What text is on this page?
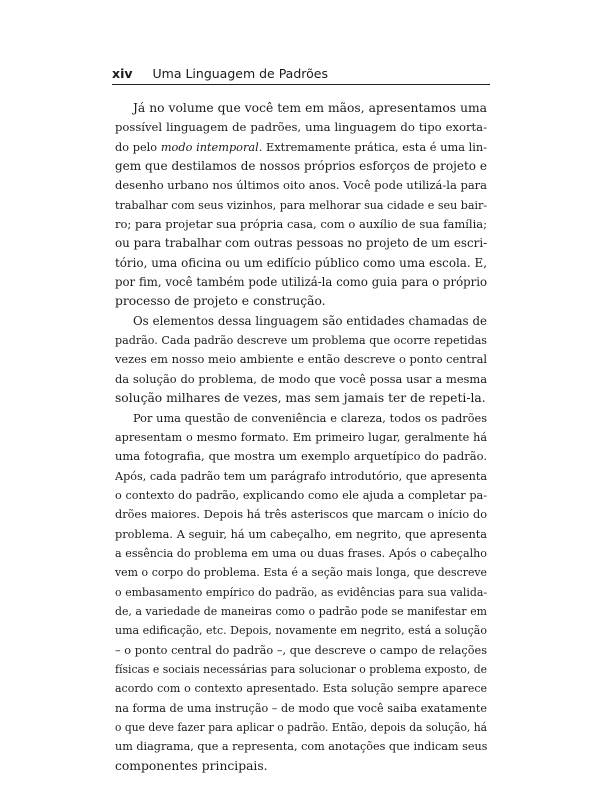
xiv Uma Linguagem de Padrões
Já no volume que você tem em mãos, apresentamos uma
possível linguagem de padrões, uma linguagem do tipo exorta-
do pelo modo intemporal. Extremamente prática, esta é uma lin-
gem que destilamos de nossos próprios esforços de projeto e
desenho urbano nos últimos oito anos. Você pode utilizá-la para
trabalhar com seus vizinhos, para melhorar sua cidade e seu bair-
ro; para projetar sua própria casa, com o auxílio de sua família;
ou para trabalhar com outras pessoas no projeto de um escri-
tório, uma oficina ou um edifício público como uma escola. E,
por fim, você também pode utilizá-la como guia para o próprio
processo de projeto e construção.
Os elementos dessa linguagem são entidades chamadas de
padrão. Cada padrão descreve um problema que ocorre repetidas
vezes em nosso meio ambiente e então descreve o ponto central
da solução do problema, de modo que você possa usar a mesma
solução milhares de vezes, mas sem jamais ter de repeti-la.
Por uma questão de conveniência e clareza, todos os padrões
apresentam o mesmo formato. Em primeiro lugar, geralmente há
uma fotografia, que mostra um exemplo arquetípico do padrão.
Após, cada padrão tem um parágrafo introdutório, que apresenta
o contexto do padrão, explicando como ele ajuda a completar pa-
drões maiores. Depois há três asteriscos que marcam o início do
problema. A seguir, há um cabeçalho, em negrito, que apresenta
a essência do problema em uma ou duas frases. Após o cabeçalho
vem o corpo do problema. Esta é a seção mais longa, que descreve
o embasamento empírico do padrão, as evidências para sua valida-
de, a variedade de maneiras como o padrão pode se manifestar em
uma edificação, etc. Depois, novamente em negrito, está a solução
– o ponto central do padrão –, que descreve o campo de relações
físicas e sociais necessárias para solucionar o problema exposto, de
acordo com o contexto apresentado. Esta solução sempre aparece
na forma de uma instrução – de modo que você saiba exatamente
o que deve fazer para aplicar o padrão. Então, depois da solução, há
um diagrama, que a representa, com anotações que indicam seus
componentes principais.
